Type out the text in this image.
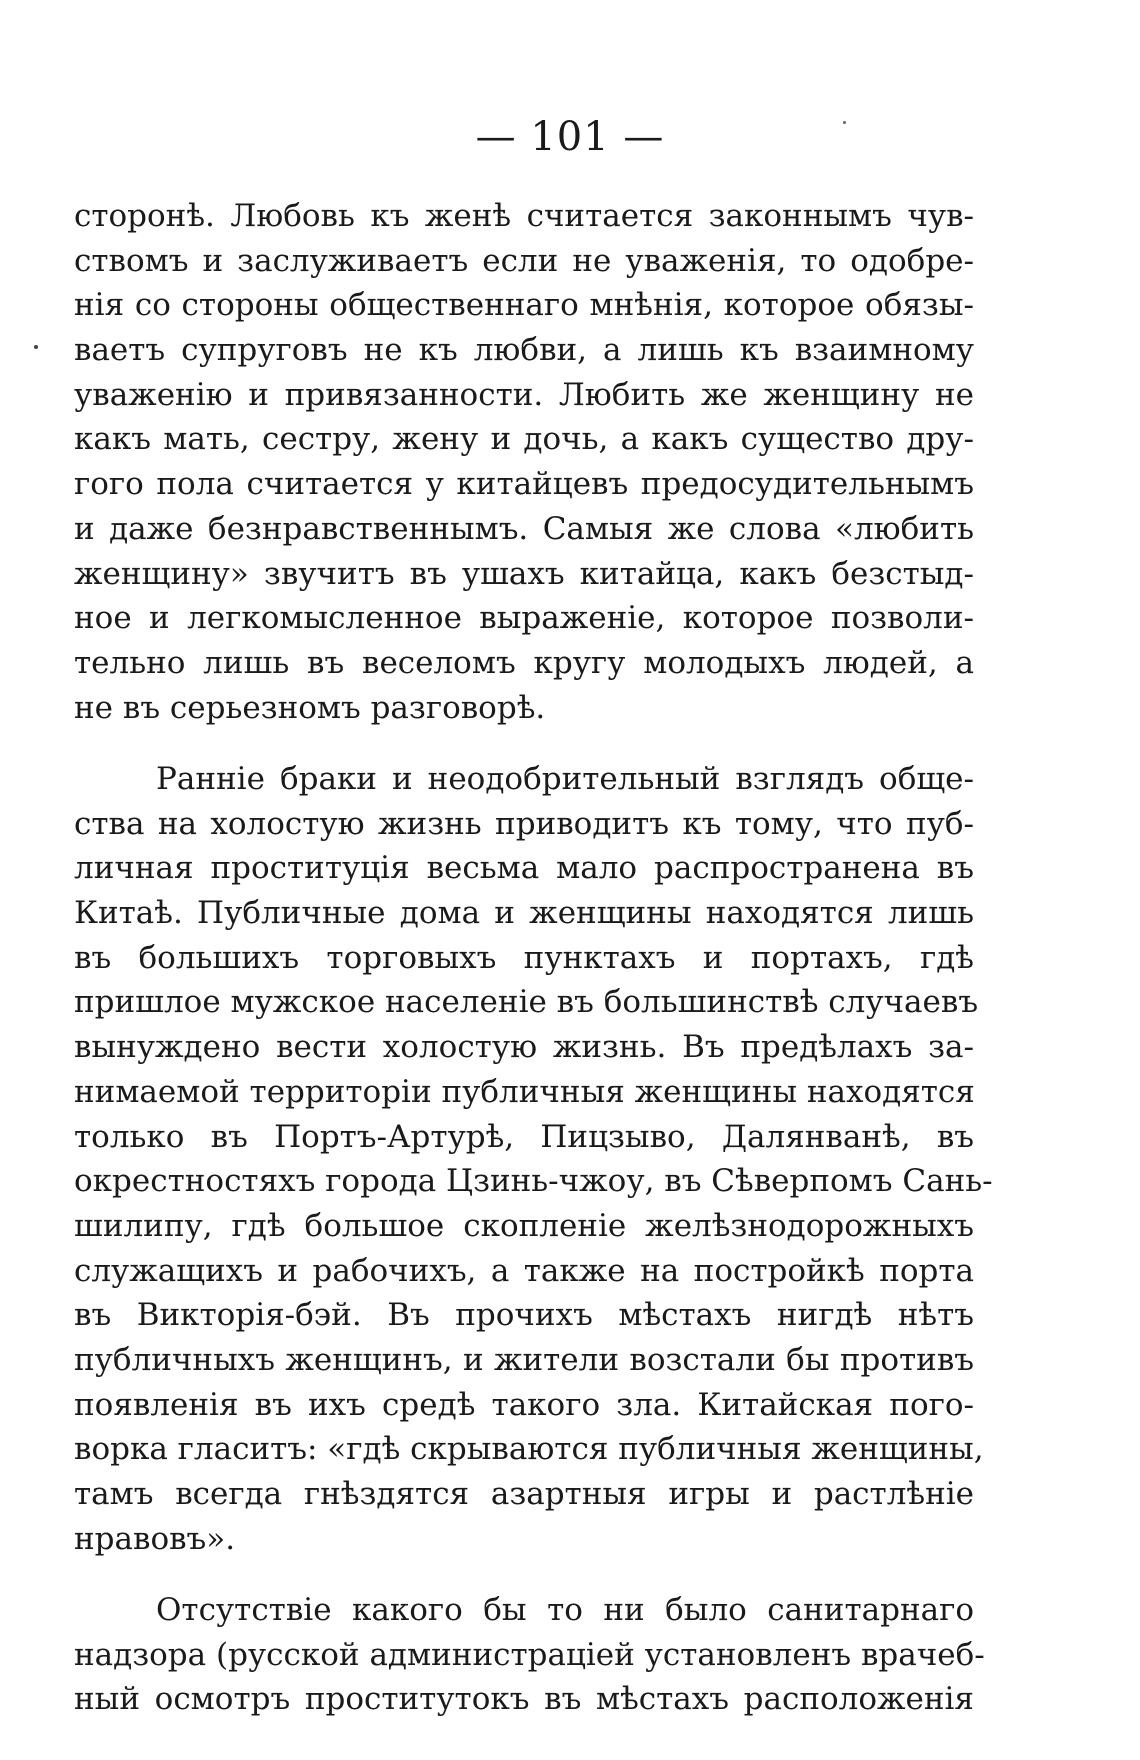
— 101 —
сторонѣ. Любовь къ женѣ считается законнымъ чув-
ствомъ и заслуживаетъ если не уваженія, то одобре-
нія со стороны общественнаго мнѣнія, которое обязы-
ваетъ супруговъ не къ любви, а лишь къ взаимному
уваженію и привязанности. Любить же женщину не
какъ мать, сестру, жену и дочь, а какъ существо дру-
гого пола считается у китайцевъ предосудительнымъ
и даже безнравственнымъ. Самыя же слова «любить
женщину» звучитъ въ ушахъ китайца, какъ безстыд-
ное и легкомысленное выраженіе, которое позволи-
тельно лишь въ веселомъ кругу молодыхъ людей, а
не въ серьезномъ разговорѣ.
Ранніе браки и неодобрительный взглядъ обще-
ства на холостую жизнь приводитъ къ тому, что пуб-
личная проституція весьма мало распространена въ
Китаѣ. Публичные дома и женщины находятся лишь
въ большихъ торговыхъ пунктахъ и портахъ, гдѣ
пришлое мужское населеніе въ большинствѣ случаевъ
вынуждено вести холостую жизнь. Въ предѣлахъ за-
нимаемой территоріи публичныя женщины находятся
только въ Портъ-Артурѣ, Пицзыво, Далянванѣ, въ
окрестностяхъ города Цзинь-чжоу, въ Сѣверпомъ Сань-
шилипу, гдѣ большое скопленіе желѣзнодорожныхъ
служащихъ и рабочихъ, а также на постройкѣ порта
въ Викторія-бэй. Въ прочихъ мѣстахъ нигдѣ нѣтъ
публичныхъ женщинъ, и жители возстали бы противъ
появленія въ ихъ средѣ такого зла. Китайская пого-
ворка гласитъ: «гдѣ скрываются публичныя женщины,
тамъ всегда гнѣздятся азартныя игры и растлѣніе
нравовъ».
Отсутствіе какого бы то ни было санитарнаго
надзора (русской администраціей установленъ врачеб-
ный осмотръ проститутокъ въ мѣстахъ расположенія
